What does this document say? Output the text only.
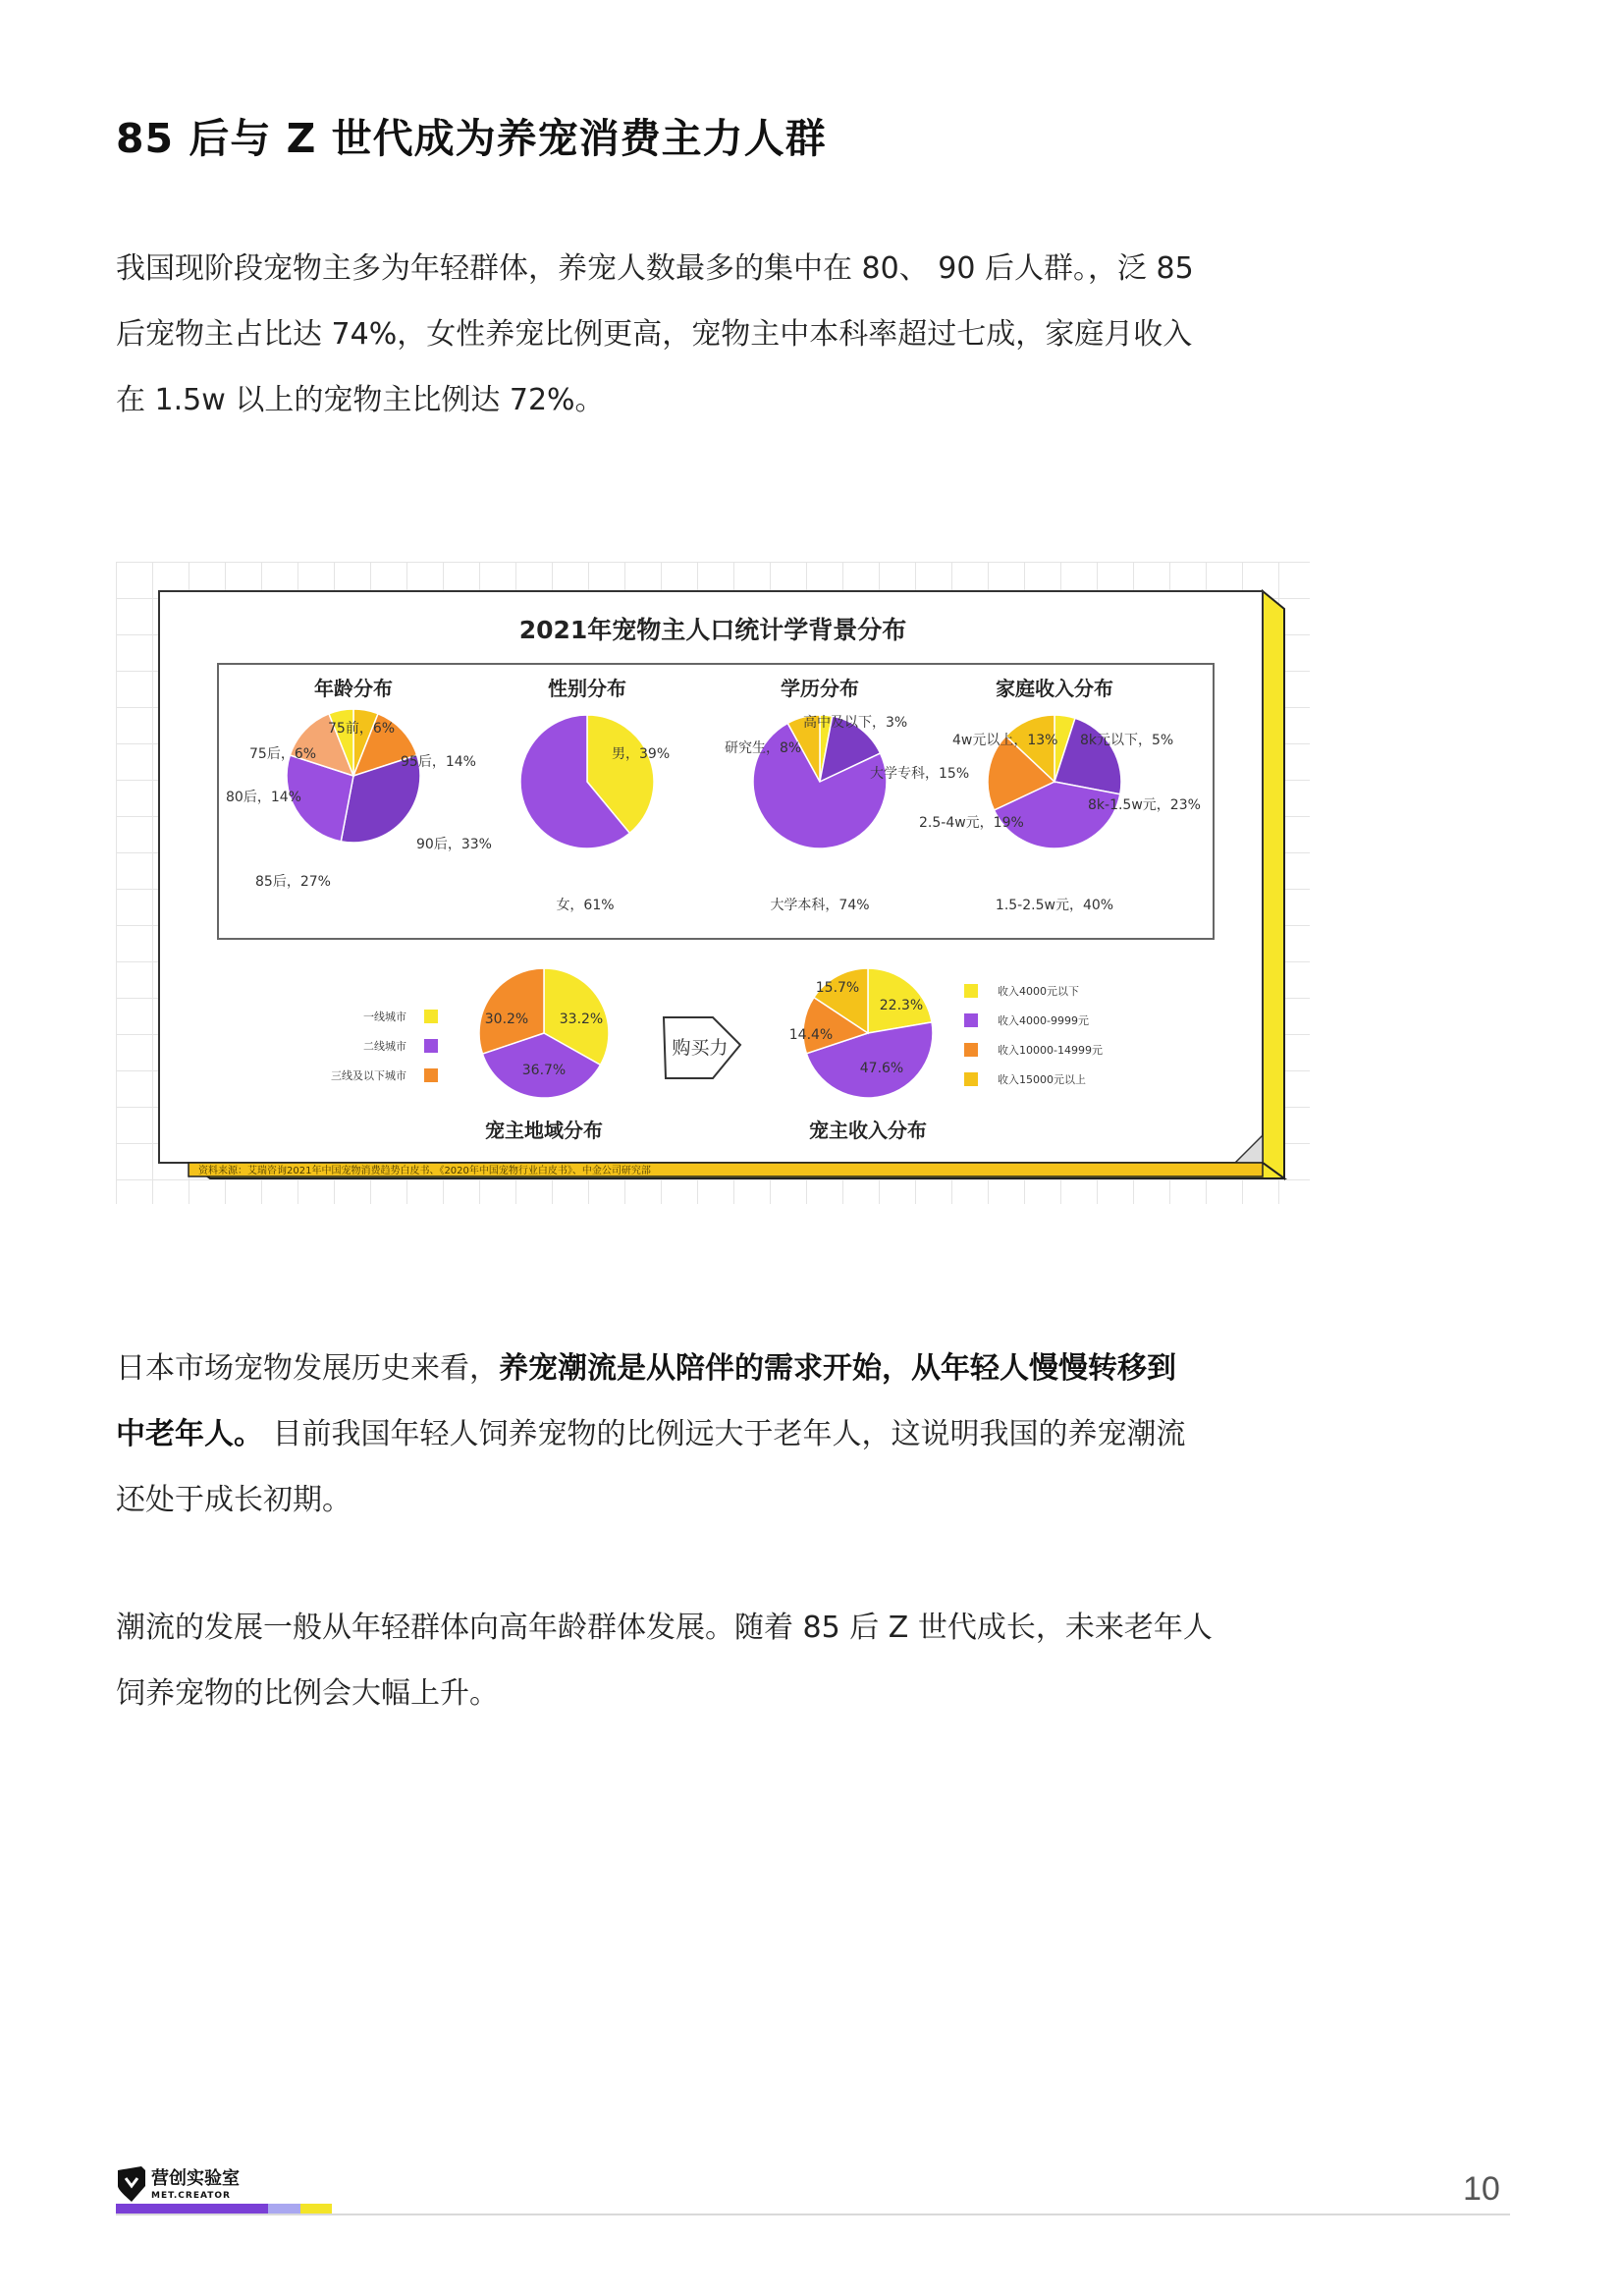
85 后与 Z 世代成为养宠消费主力人群
我国现阶段宠物主多为年轻群体，养宠人数最多的集中在 80、 90 后人群。，泛 85
后宠物主占比达 74%，女性养宠比例更高，宠物主中本科率超过七成，家庭月收入
在 1.5w 以上的宠物主比例达 72%。
资料来源：艾瑞咨询2021年中国宠物消费趋势白皮书、《2020年中国宠物行业白皮书》、中金公司研究部
2021年宠物主人口统计学背景分布
年龄分布	性别分布	学历分布	家庭收入分布
75前，6%
95后，14%
90后，33%
85后，27%
80后，14%
75后，6%	男，39%
女，61%
高中及以下，3%
大学专科，15%
大学本科，74%
研究生，8%	8k元以下，5%
8k-1.5w元，23%
1.5-2.5w元，40%
2.5-4w元，19%
4w元以上，13%
33.2%
36.7%
30.2%
22.3%
47.6%
14.4%
15.7%
一线城市
二线城市
三线及以下城市
收入4000元以下
收入4000-9999元
收入10000-14999元
收入15000元以上
购买力
宠主地域分布	宠主收入分布
日本市场宠物发展历史来看，养宠潮流是从陪伴的需求开始，从年轻人慢慢转移到
中老年人。 目前我国年轻人饲养宠物的比例远大于老年人，这说明我国的养宠潮流
还处于成长初期。
潮流的发展一般从年轻群体向高年龄群体发展。随着 85 后 Z 世代成长，未来老年人
饲养宠物的比例会大幅上升。
营创实验室
MET.CREATOR	10
